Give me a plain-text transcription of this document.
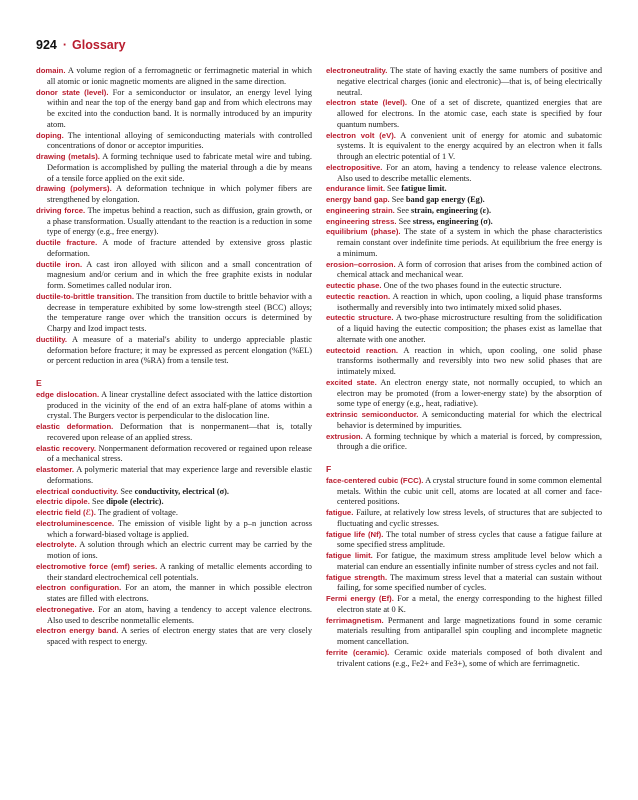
924 · Glossary

domain. A volume region of a ferromagnetic or ferrimagnetic material in which all atomic or ionic magnetic moments are aligned in the same direction.

donor state (level). For a semiconductor or insulator, an energy level lying within and near the top of the energy band gap and from which electrons may be excited into the conduction band. It is normally introduced by an impurity atom.

doping. The intentional alloying of semiconducting materials with controlled concentrations of donor or acceptor impurities.

drawing (metals). A forming technique used to fabricate metal wire and tubing. Deformation is accomplished by pulling the material through a die by means of a tensile force applied on the exit side.

drawing (polymers). A deformation technique in which polymer fibers are strengthened by elongation.

driving force. The impetus behind a reaction, such as diffusion, grain growth, or a phase transformation. Usually attendant to the reaction is a reduction in some type of energy (e.g., free energy).

ductile fracture. A mode of fracture attended by extensive gross plastic deformation.

ductile iron. A cast iron alloyed with silicon and a small concentration of magnesium and/or cerium and in which the free graphite exists in nodular form. Sometimes called nodular iron.

ductile-to-brittle transition. The transition from ductile to brittle behavior with a decrease in temperature exhibited by some low-strength steel (BCC) alloys; the temperature range over which the transition occurs is determined by Charpy and Izod impact tests.

ductility. A measure of a material's ability to undergo appreciable plastic deformation before fracture; it may be expressed as percent elongation (%EL) or percent reduction in area (%RA) from a tensile test.

E

edge dislocation. A linear crystalline defect associated with the lattice distortion produced in the vicinity of the end of an extra half-plane of atoms within a crystal. The Burgers vector is perpendicular to the dislocation line.

elastic deformation. Deformation that is nonpermanent—that is, totally recovered upon release of an applied stress.

elastic recovery. Nonpermanent deformation recovered or regained upon release of a mechanical stress.

elastomer. A polymeric material that may experience large and reversible elastic deformations.

electrical conductivity. See conductivity, electrical (σ).

electric dipole. See dipole (electric).

electric field (ℰ). The gradient of voltage.

electroluminescence. The emission of visible light by a p–n junction across which a forward-biased voltage is applied.

electrolyte. A solution through which an electric current may be carried by the motion of ions.

electromotive force (emf) series. A ranking of metallic elements according to their standard electrochemical cell potentials.

electron configuration. For an atom, the manner in which possible electron states are filled with electrons.

electronegative. For an atom, having a tendency to accept valence electrons. Also used to describe nonmetallic elements.

electron energy band. A series of electron energy states that are very closely spaced with respect to energy.

electroneutrality. The state of having exactly the same numbers of positive and negative electrical charges (ionic and electronic)—that is, of being electrically neutral.

electron state (level). One of a set of discrete, quantized energies that are allowed for electrons. In the atomic case, each state is specified by four quantum numbers.

electron volt (eV). A convenient unit of energy for atomic and subatomic systems. It is equivalent to the energy acquired by an electron when it falls through an electric potential of 1 V.

electropositive. For an atom, having a tendency to release valence electrons. Also used to describe metallic elements.

endurance limit. See fatigue limit.

energy band gap. See band gap energy (Eg).

engineering strain. See strain, engineering (ε).

engineering stress. See stress, engineering (σ).

equilibrium (phase). The state of a system in which the phase characteristics remain constant over indefinite time periods. At equilibrium the free energy is a minimum.

erosion–corrosion. A form of corrosion that arises from the combined action of chemical attack and mechanical wear.

eutectic phase. One of the two phases found in the eutectic structure.

eutectic reaction. A reaction in which, upon cooling, a liquid phase transforms isothermally and reversibly into two intimately mixed solid phases.

eutectic structure. A two-phase microstructure resulting from the solidification of a liquid having the eutectic composition; the phases exist as lamellae that alternate with one another.

eutectoid reaction. A reaction in which, upon cooling, one solid phase transforms isothermally and reversibly into two new solid phases that are intimately mixed.

excited state. An electron energy state, not normally occupied, to which an electron may be promoted (from a lower-energy state) by the absorption of some type of energy (e.g., heat, radiative).

extrinsic semiconductor. A semiconducting material for which the electrical behavior is determined by impurities.

extrusion. A forming technique by which a material is forced, by compression, through a die orifice.

F

face-centered cubic (FCC). A crystal structure found in some common elemental metals. Within the cubic unit cell, atoms are located at all corner and face-centered positions.

fatigue. Failure, at relatively low stress levels, of structures that are subjected to fluctuating and cyclic stresses.

fatigue life (Nf). The total number of stress cycles that cause a fatigue failure at some specified stress amplitude.

fatigue limit. For fatigue, the maximum stress amplitude level below which a material can endure an essentially infinite number of stress cycles and not fail.

fatigue strength. The maximum stress level that a material can sustain without failing, for some specified number of cycles.

Fermi energy (Ef). For a metal, the energy corresponding to the highest filled electron state at 0 K.

ferrimagnetism. Permanent and large magnetizations found in some ceramic materials resulting from antiparallel spin coupling and incomplete magnetic moment cancellation.

ferrite (ceramic). Ceramic oxide materials composed of both divalent and trivalent cations (e.g., Fe2+ and Fe3+), some of which are ferrimagnetic.
